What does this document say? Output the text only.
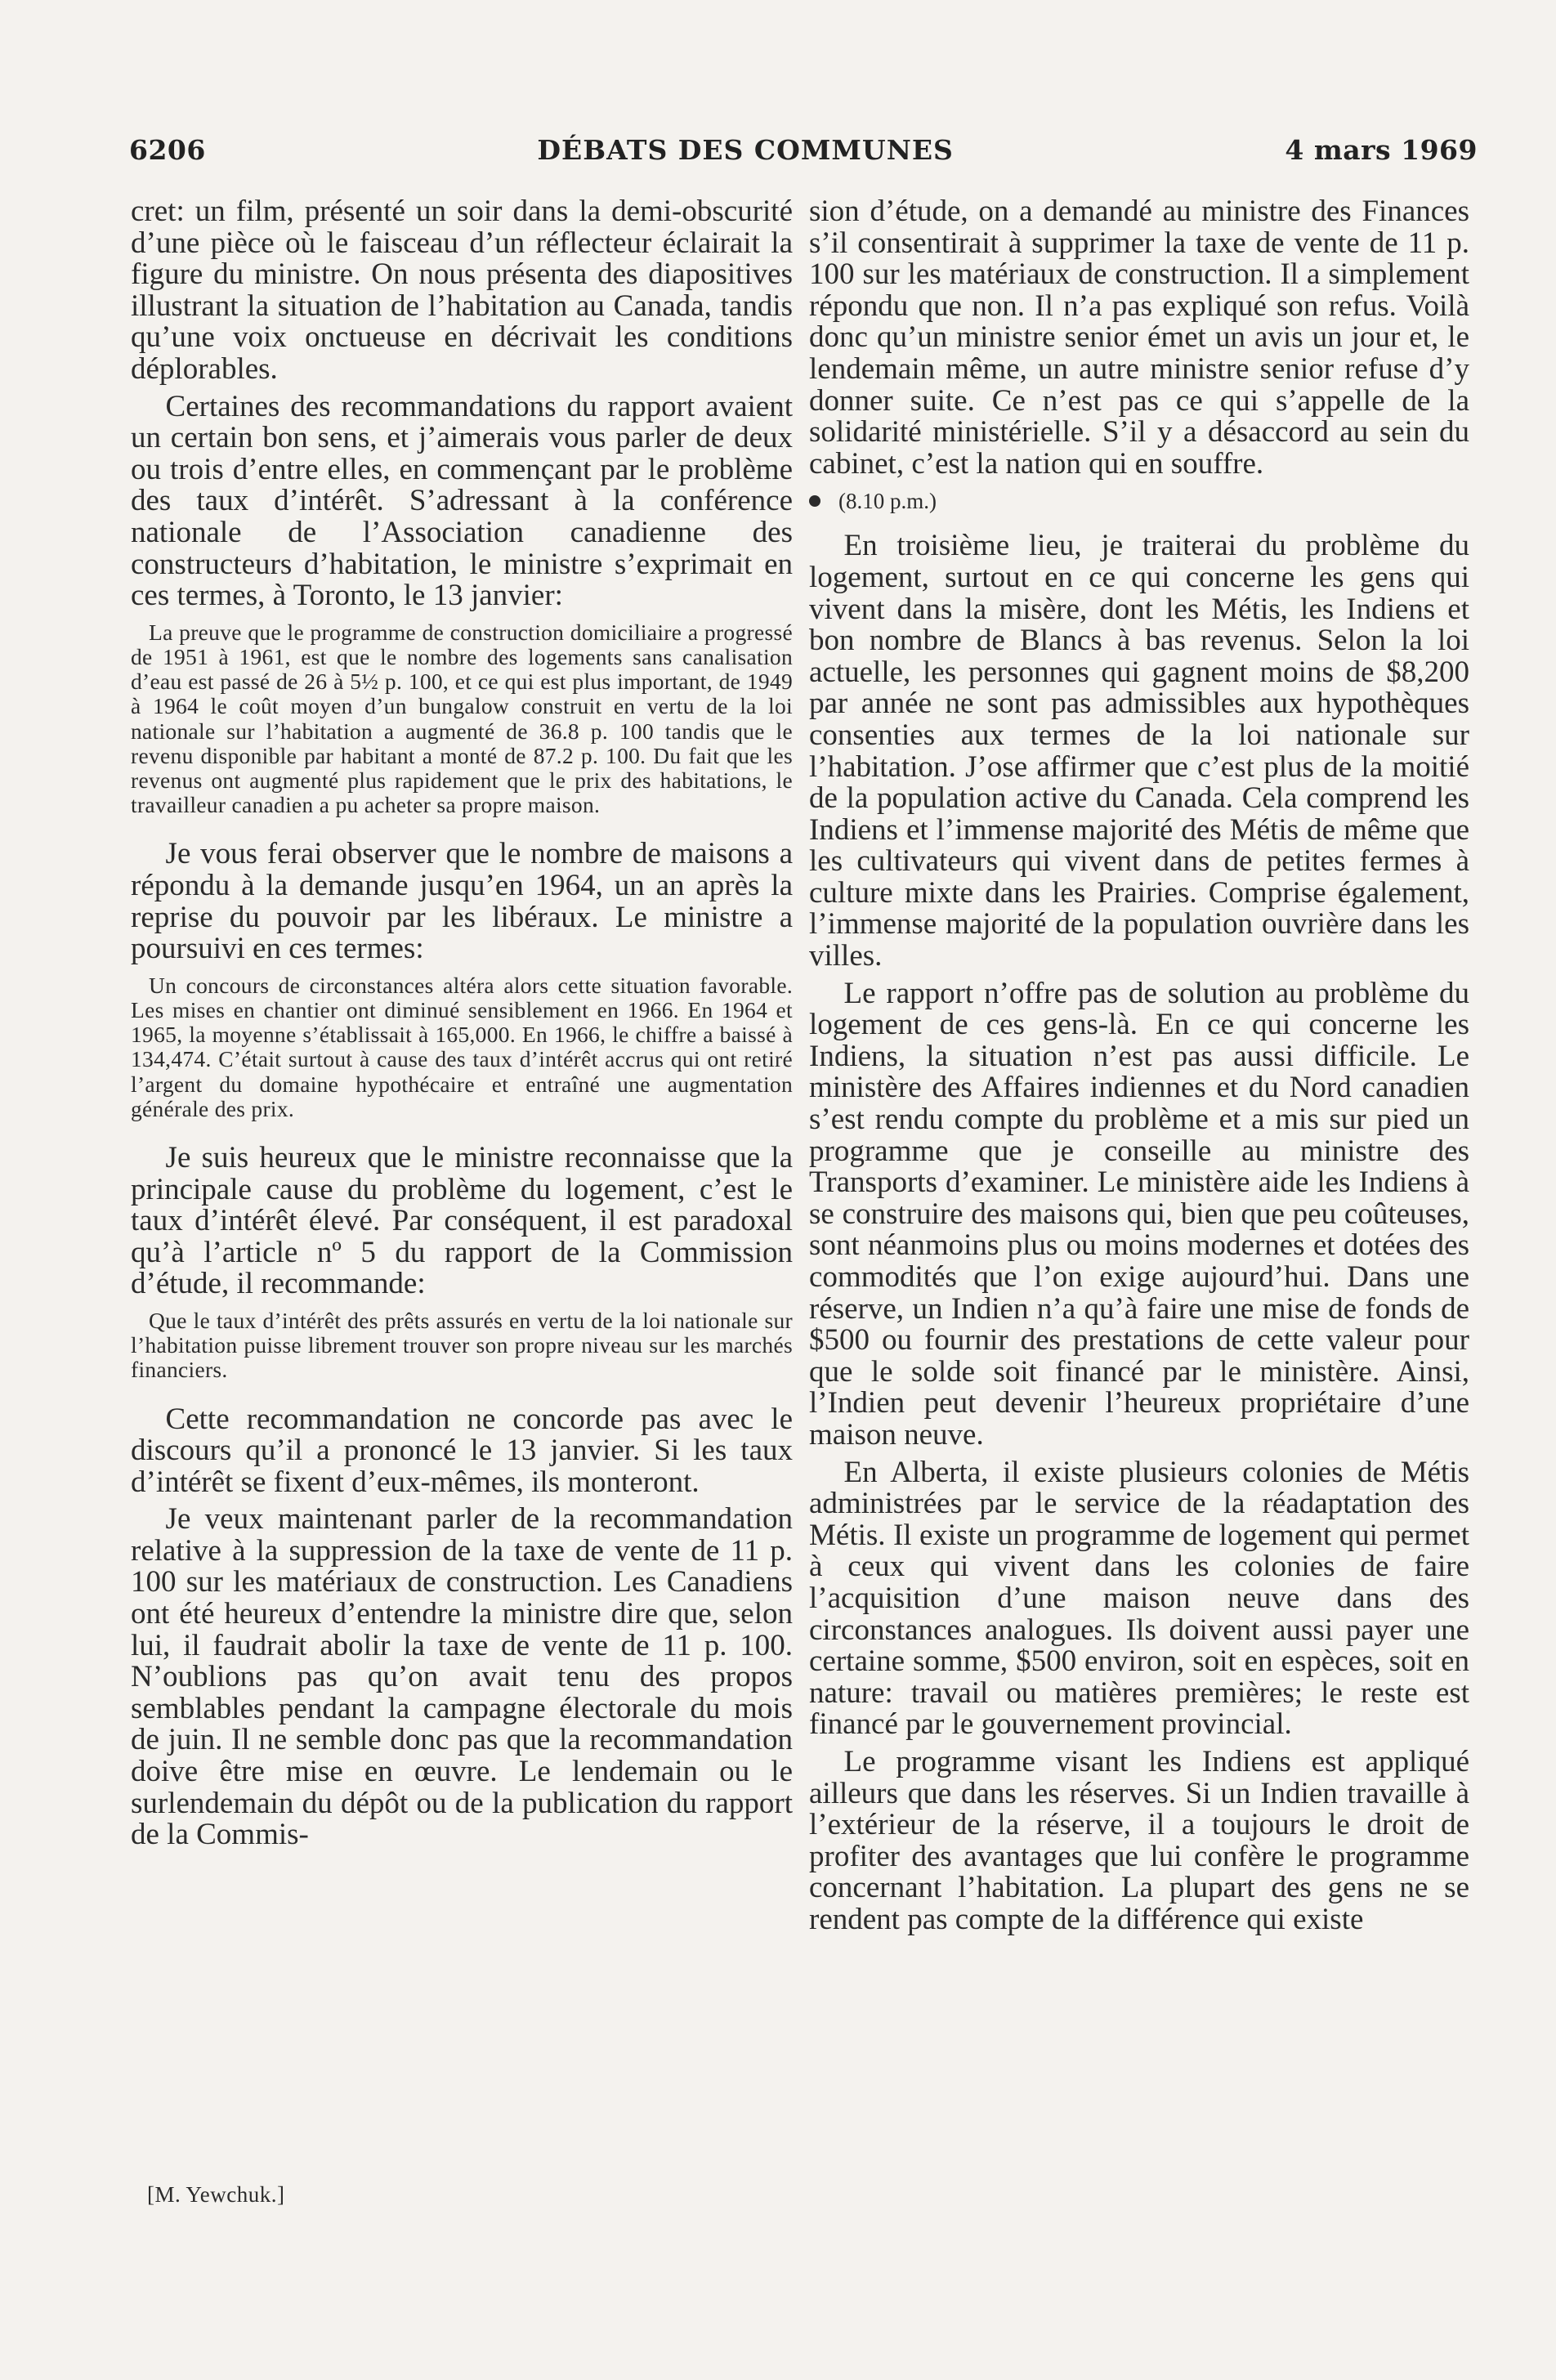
6206	DÉBATS DES COMMUNES	4 mars 1969

cret: un film, présenté un soir dans la demi-obscurité d’une pièce où le faisceau d’un réflecteur éclairait la figure du ministre. On nous présenta des diapositives illustrant la situation de l’habitation au Canada, tandis qu’une voix onctueuse en décrivait les conditions déplorables.

Certaines des recommandations du rapport avaient un certain bon sens, et j’aimerais vous parler de deux ou trois d’entre elles, en commençant par le problème des taux d’intérêt. S’adressant à la conférence nationale de l’Association canadienne des constructeurs d’habitation, le ministre s’exprimait en ces termes, à Toronto, le 13 janvier:

La preuve que le programme de construction domiciliaire a progressé de 1951 à 1961, est que le nombre des logements sans canalisation d’eau est passé de 26 à 5½ p. 100, et ce qui est plus important, de 1949 à 1964 le coût moyen d’un bungalow construit en vertu de la loi nationale sur l’habitation a augmenté de 36.8 p. 100 tandis que le revenu disponible par habitant a monté de 87.2 p. 100. Du fait que les revenus ont augmenté plus rapidement que le prix des habitations, le travailleur canadien a pu acheter sa propre maison.

Je vous ferai observer que le nombre de maisons a répondu à la demande jusqu’en 1964, un an après la reprise du pouvoir par les libéraux. Le ministre a poursuivi en ces termes:

Un concours de circonstances altéra alors cette situation favorable. Les mises en chantier ont diminué sensiblement en 1966. En 1964 et 1965, la moyenne s’établissait à 165,000. En 1966, le chiffre a baissé à 134,474. C’était surtout à cause des taux d’intérêt accrus qui ont retiré l’argent du domaine hypothécaire et entraîné une augmentation générale des prix.

Je suis heureux que le ministre reconnaisse que la principale cause du problème du logement, c’est le taux d’intérêt élevé. Par conséquent, il est paradoxal qu’à l’article nº 5 du rapport de la Commission d’étude, il recommande:

Que le taux d’intérêt des prêts assurés en vertu de la loi nationale sur l’habitation puisse librement trouver son propre niveau sur les marchés financiers.

Cette recommandation ne concorde pas avec le discours qu’il a prononcé le 13 janvier. Si les taux d’intérêt se fixent d’eux-mêmes, ils monteront.

Je veux maintenant parler de la recommandation relative à la suppression de la taxe de vente de 11 p. 100 sur les matériaux de construction. Les Canadiens ont été heureux d’entendre la ministre dire que, selon lui, il faudrait abolir la taxe de vente de 11 p. 100. N’oublions pas qu’on avait tenu des propos semblables pendant la campagne électorale du mois de juin. Il ne semble donc pas que la recommandation doive être mise en œuvre. Le lendemain ou le surlendemain du dépôt ou de la publication du rapport de la Commis-

sion d’étude, on a demandé au ministre des Finances s’il consentirait à supprimer la taxe de vente de 11 p. 100 sur les matériaux de construction. Il a simplement répondu que non. Il n’a pas expliqué son refus. Voilà donc qu’un ministre senior émet un avis un jour et, le lendemain même, un autre ministre senior refuse d’y donner suite. Ce n’est pas ce qui s’appelle de la solidarité ministérielle. S’il y a désaccord au sein du cabinet, c’est la nation qui en souffre.

(8.10 p.m.)

En troisième lieu, je traiterai du problème du logement, surtout en ce qui concerne les gens qui vivent dans la misère, dont les Métis, les Indiens et bon nombre de Blancs à bas revenus. Selon la loi actuelle, les personnes qui gagnent moins de $8,200 par année ne sont pas admissibles aux hypothèques consenties aux termes de la loi nationale sur l’habitation. J’ose affirmer que c’est plus de la moitié de la population active du Canada. Cela comprend les Indiens et l’immense majorité des Métis de même que les cultivateurs qui vivent dans de petites fermes à culture mixte dans les Prairies. Comprise également, l’immense majorité de la population ouvrière dans les villes.

Le rapport n’offre pas de solution au problème du logement de ces gens-là. En ce qui concerne les Indiens, la situation n’est pas aussi difficile. Le ministère des Affaires indiennes et du Nord canadien s’est rendu compte du problème et a mis sur pied un programme que je conseille au ministre des Transports d’examiner. Le ministère aide les Indiens à se construire des maisons qui, bien que peu coûteuses, sont néanmoins plus ou moins modernes et dotées des commodités que l’on exige aujourd’hui. Dans une réserve, un Indien n’a qu’à faire une mise de fonds de $500 ou fournir des prestations de cette valeur pour que le solde soit financé par le ministère. Ainsi, l’Indien peut devenir l’heureux propriétaire d’une maison neuve.

En Alberta, il existe plusieurs colonies de Métis administrées par le service de la réadaptation des Métis. Il existe un programme de logement qui permet à ceux qui vivent dans les colonies de faire l’acquisition d’une maison neuve dans des circonstances analogues. Ils doivent aussi payer une certaine somme, $500 environ, soit en espèces, soit en nature: travail ou matières premières; le reste est financé par le gouvernement provincial.

Le programme visant les Indiens est appliqué ailleurs que dans les réserves. Si un Indien travaille à l’extérieur de la réserve, il a toujours le droit de profiter des avantages que lui confère le programme concernant l’habitation. La plupart des gens ne se rendent pas compte de la différence qui existe

[M. Yewchuk.]
